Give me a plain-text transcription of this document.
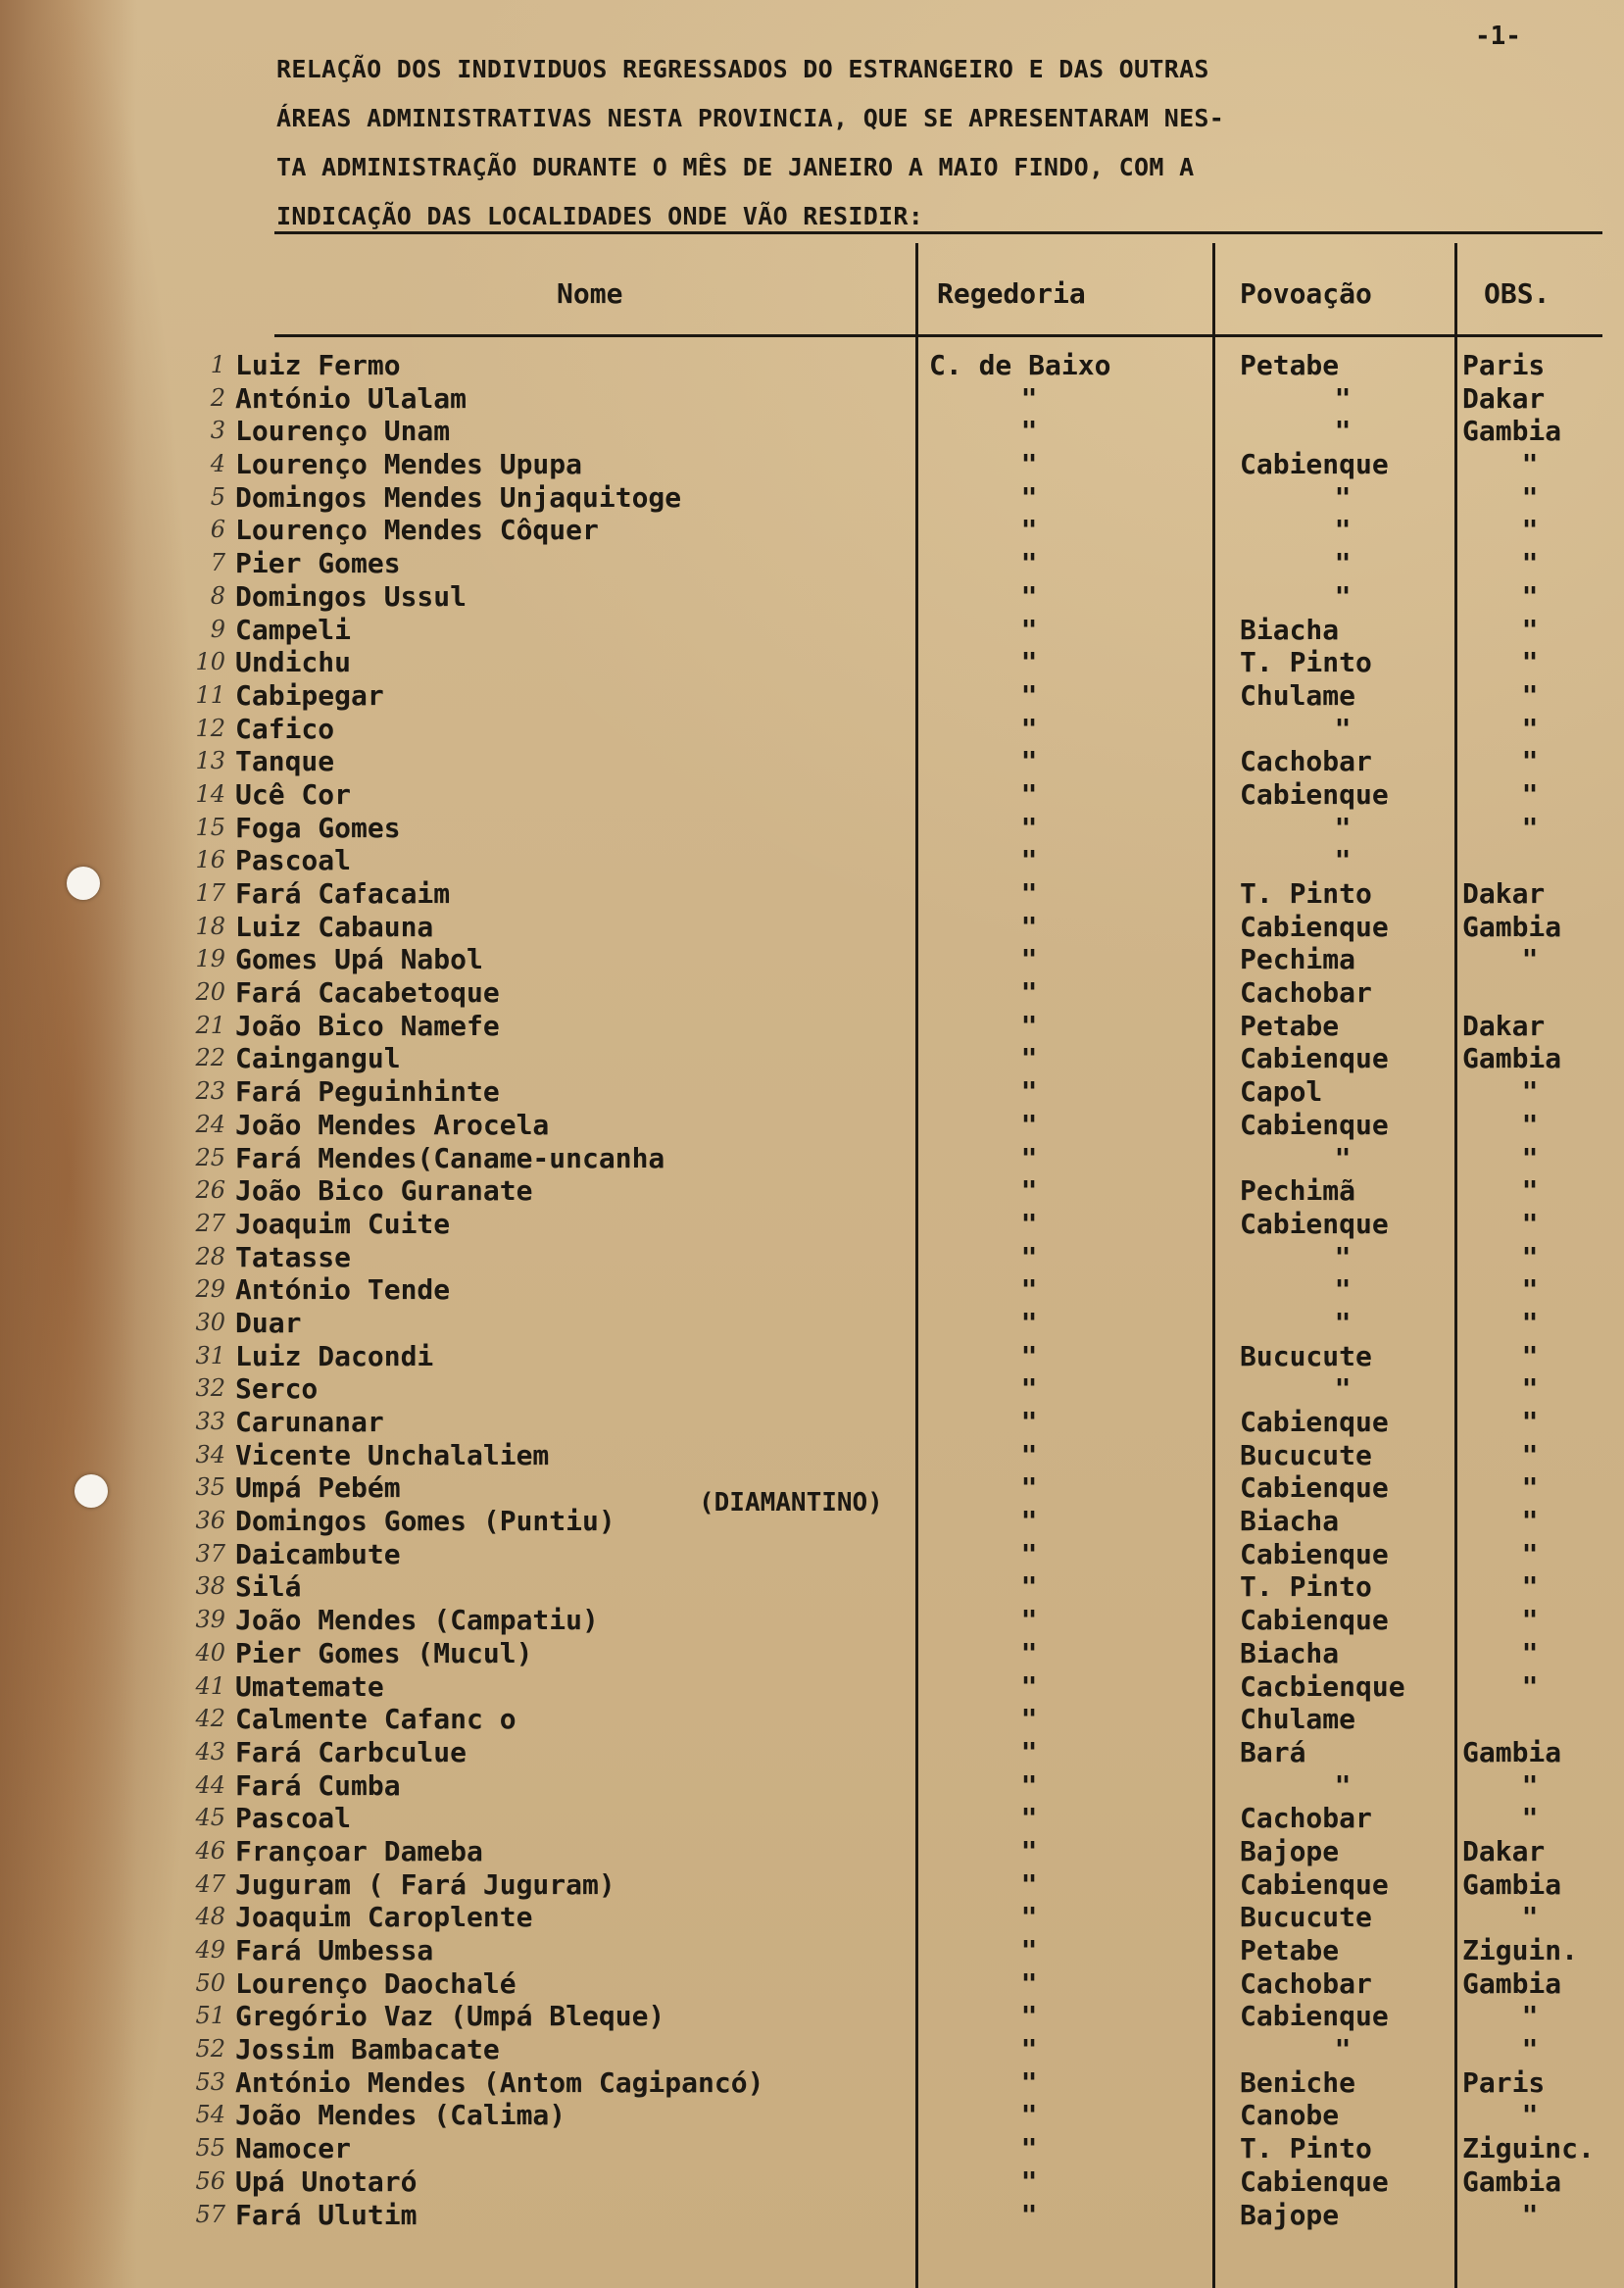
-1-
RELAÇÃO DOS INDIVIDUOS REGRESSADOS DO ESTRANGEIRO E DAS OUTRAS
ÁREAS ADMINISTRATIVAS NESTA PROVINCIA, QUE SE APRESENTARAM NES-
TA ADMINISTRAÇÃO DURANTE O MÊS DE JANEIRO A MAIO FINDO, COM A
INDICAÇÃO DAS LOCALIDADES ONDE VÃO RESIDIR:
Nome	Regedoria	Povoação	OBS.
1 Luiz Fermo	C. de Baixo	Petabe	Paris
2 António Ulalam	"	"	Dakar
3 Lourenço Unam	"	"	Gambia
4 Lourenço Mendes Upupa	"	Cabienque	"
5 Domingos Mendes Unjaquitoge	"	"	"
6 Lourenço Mendes Côquer	"	"	"
7 Pier Gomes	"	"	"
8 Domingos Ussul	"	"	"
9 Campeli	"	Biacha	"
10 Undichu	"	T. Pinto	"
11 Cabipegar	"	Chulame	"
12 Cafico	"	"	"
13 Tanque	"	Cachobar	"
14 Ucê Cor	"	Cabienque	"
15 Foga Gomes	"	"	"
16 Pascoal	"	"
17 Fará Cafacaim	"	T. Pinto	Dakar
18 Luiz Cabauna	"	Cabienque	Gambia
19 Gomes Upá Nabol	"	Pechima	"
20 Fará Cacabetoque	"	Cachobar
21 João Bico Namefe	"	Petabe	Dakar
22 Caingangul	"	Cabienque	Gambia
23 Fará Peguinhinte	"	Capol	"
24 João Mendes Arocela	"	Cabienque	"
25 Fará Mendes(Caname-uncanha	"	"	"
26 João Bico Guranate	"	Pechimã	"
27 Joaquim Cuite	"	Cabienque	"
28 Tatasse	"	"	"
29 António Tende	"	"	"
30 Duar	"	"	"
31 Luiz Dacondi	"	Bucucute	"
32 Serco	"	"	"
33 Carunanar	"	Cabienque	"
34 Vicente Unchalaliem	"	Bucucute	"
35 Umpá Pebém	"	Cabienque	"
36 Domingos Gomes (Puntiu)	"	Biacha	"
37 Daicambute	"	Cabienque	"
38 Silá	"	T. Pinto	"
39 João Mendes (Campatiu)	"	Cabienque	"
40 Pier Gomes (Mucul)	"	Biacha	"
41 Umatemate	"	Cacbienque	"
42 Calmente Cafanc o	"	Chulame
43 Fará Carbculue	"	Bará	Gambia
44 Fará Cumba	"	"	"
45 Pascoal	"	Cachobar	"
46 Françoar Dameba	"	Bajope	Dakar
47 Juguram ( Fará Juguram)	"	Cabienque	Gambia
48 Joaquim Caroplente	"	Bucucute	"
49 Fará Umbessa	"	Petabe	Ziguin.
50 Lourenço Daochalé	"	Cachobar	Gambia
51 Gregório Vaz (Umpá Bleque)	"	Cabienque	"
52 Jossim Bambacate	"	"	"
53 António Mendes (Antom Cagipancó)	"	Beniche	Paris
54 João Mendes (Calima)	"	Canobe	"
55 Namocer	"	T. Pinto	Ziguinc.
56 Upá Unotaró	"	Cabienque	Gambia
57 Fará Ulutim	"	Bajope	"
(DIAMANTINO)
